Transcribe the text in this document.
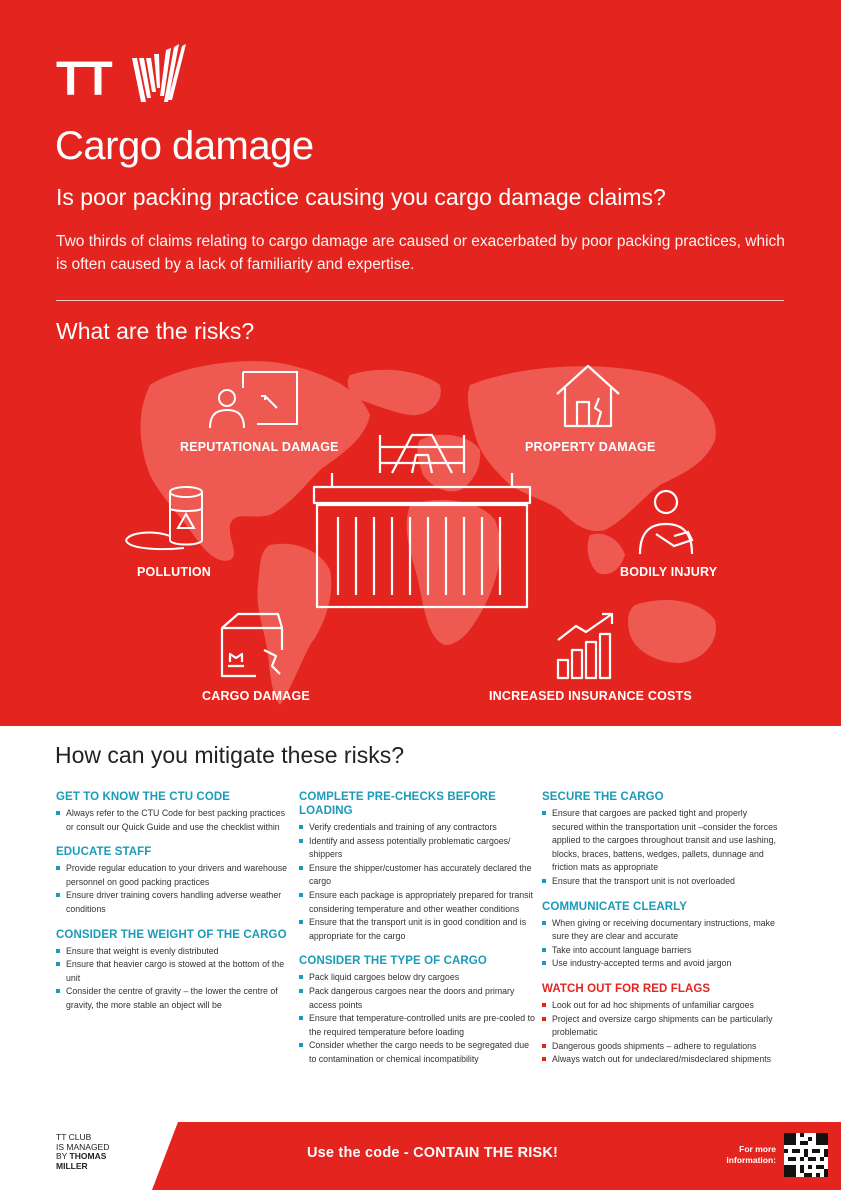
TT
Cargo damage
Is poor packing practice causing you cargo damage claims?
Two thirds of claims relating to cargo damage are caused or exacerbated by poor packing practices, which is often caused by a lack of familiarity and expertise.
What are the risks?
REPUTATIONAL DAMAGE	PROPERTY DAMAGE
POLLUTION	BODILY INJURY
CARGO DAMAGE	INCREASED INSURANCE COSTS
How can you mitigate these risks?
GET TO KNOW THE CTU CODE
Always refer to the CTU Code for best packing practices or consult our Quick Guide and use the checklist within
EDUCATE STAFF
Provide regular education to your drivers and warehouse personnel on good packing practices
Ensure driver training covers handling adverse weather conditions
CONSIDER THE WEIGHT OF THE CARGO
Ensure that weight is evenly distributed
Ensure that heavier cargo is stowed at the bottom of the unit
Consider the centre of gravity – the lower the centre of gravity, the more stable an object will be
COMPLETE PRE-CHECKS BEFORE LOADING
Verify credentials and training of any contractors
Identify and assess potentially problematic cargoes/ shippers
Ensure the shipper/customer has accurately declared the cargo
Ensure each package is appropriately prepared for transit considering temperature and other weather conditions
Ensure that the transport unit is in good condition and is appropriate for the cargo
CONSIDER THE TYPE OF CARGO
Pack liquid cargoes below dry cargoes
Pack dangerous cargoes near the doors and primary access points
Ensure that temperature-controlled units are pre-cooled to the required temperature before loading
Consider whether the cargo needs to be segregated due to contamination or chemical incompatibility
SECURE THE CARGO
Ensure that cargoes are packed tight and properly secured within the transportation unit –consider the forces applied to the cargoes throughout transit and use lashing, blocks, braces, battens, wedges, pallets, dunnage and friction mats as appropriate
Ensure that the transport unit is not overloaded
COMMUNICATE CLEARLY
When giving or receiving documentary instructions, make sure they are clear and accurate
Take into account language barriers
Use industry-accepted terms and avoid jargon
WATCH OUT FOR RED FLAGS
Look out for ad hoc shipments of unfamiliar cargoes
Project and oversize cargo shipments can be particularly problematic
Dangerous goods shipments – adhere to regulations
Always watch out for undeclared/misdeclared shipments
TT CLUB
IS MANAGED
BY THOMAS
MILLER
Use the code - CONTAIN THE RISK!	For more
information:
